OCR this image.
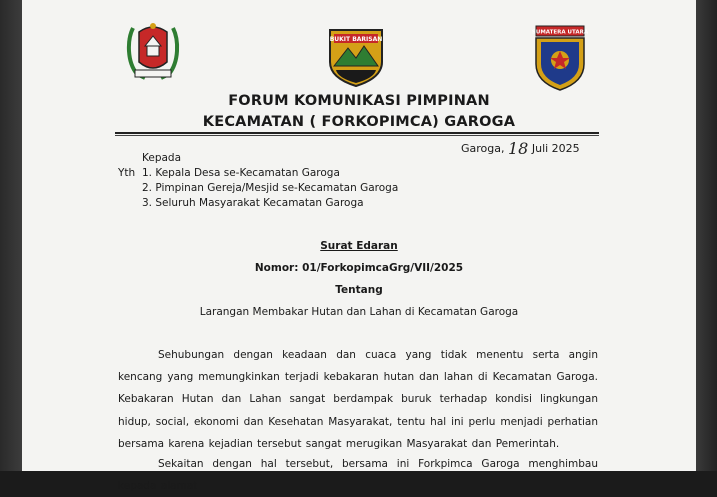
BUKIT BARISAN
SUMATERA UTARA
FORUM KOMUNIKASI PIMPINAN
KECAMATAN ( FORKOPIMCA) GAROGA
Garoga, 18 Juli 2025
Kepada
Yth 1. Kepala Desa se-Kecamatan Garoga
2. Pimpinan Gereja/Mesjid se-Kecamatan Garoga
3. Seluruh Masyarakat Kecamatan Garoga
Surat Edaran
Nomor: 01/ForkopimcaGrg/VII/2025
Tentang
Larangan Membakar Hutan dan Lahan di Kecamatan Garoga
Sehubungan dengan keadaan dan cuaca yang tidak menentu serta angin kencang yang memungkinkan terjadi kebakaran hutan dan lahan di Kecamatan Garoga. Kebakaran Hutan dan Lahan sangat berdampak buruk terhadap kondisi lingkungan hidup, social, ekonomi dan Kesehatan Masyarakat, tentu hal ini perlu menjadi perhatian bersama karena kejadian tersebut sangat merugikan Masyarakat dan Pemerintah.
Sekaitan dengan hal tersebut, bersama ini Forkpimca Garoga menghimbau kepada alamat
